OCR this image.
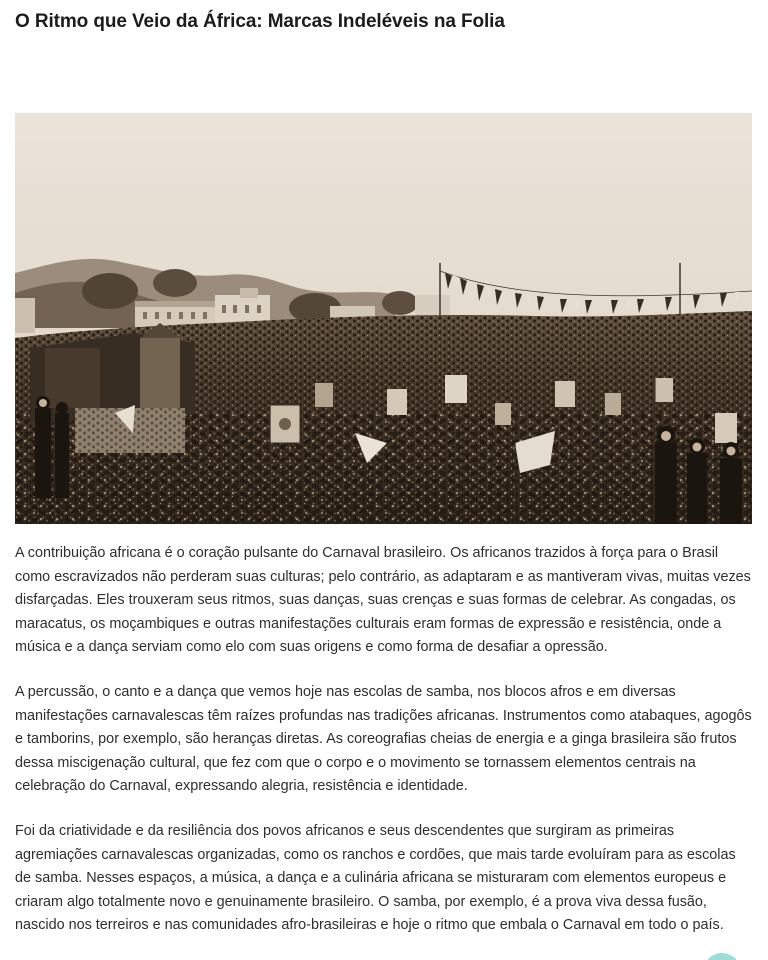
O Ritmo que Veio da África: Marcas Indeléveis na Folia

A contribuição africana é o coração pulsante do Carnaval brasileiro. Os africanos trazidos à força para o Brasil como escravizados não perderam suas culturas; pelo contrário, as adaptaram e as mantiveram vivas, muitas vezes disfarçadas. Eles trouxeram seus ritmos, suas danças, suas crenças e suas formas de celebrar. As congadas, os maracatus, os moçambiques e outras manifestações culturais eram formas de expressão e resistência, onde a música e a dança serviam como elo com suas origens e como forma de desafiar a opressão.

A percussão, o canto e a dança que vemos hoje nas escolas de samba, nos blocos afros e em diversas manifestações carnavalescas têm raízes profundas nas tradições africanas. Instrumentos como atabaques, agogôs e tamborins, por exemplo, são heranças diretas. As coreografias cheias de energia e a ginga brasileira são frutos dessa miscigenação cultural, que fez com que o corpo e o movimento se tornassem elementos centrais na celebração do Carnaval, expressando alegria, resistência e identidade.

Foi da criatividade e da resiliência dos povos africanos e seus descendentes que surgiram as primeiras agremiações carnavalescas organizadas, como os ranchos e cordões, que mais tarde evoluíram para as escolas de samba. Nesses espaços, a música, a dança e a culinária africana se misturaram com elementos europeus e criaram algo totalmente novo e genuinamente brasileiro. O samba, por exemplo, é a prova viva dessa fusão, nascido nos terreiros e nas comunidades afro-brasileiras e hoje o ritmo que embala o Carnaval em todo o país.
